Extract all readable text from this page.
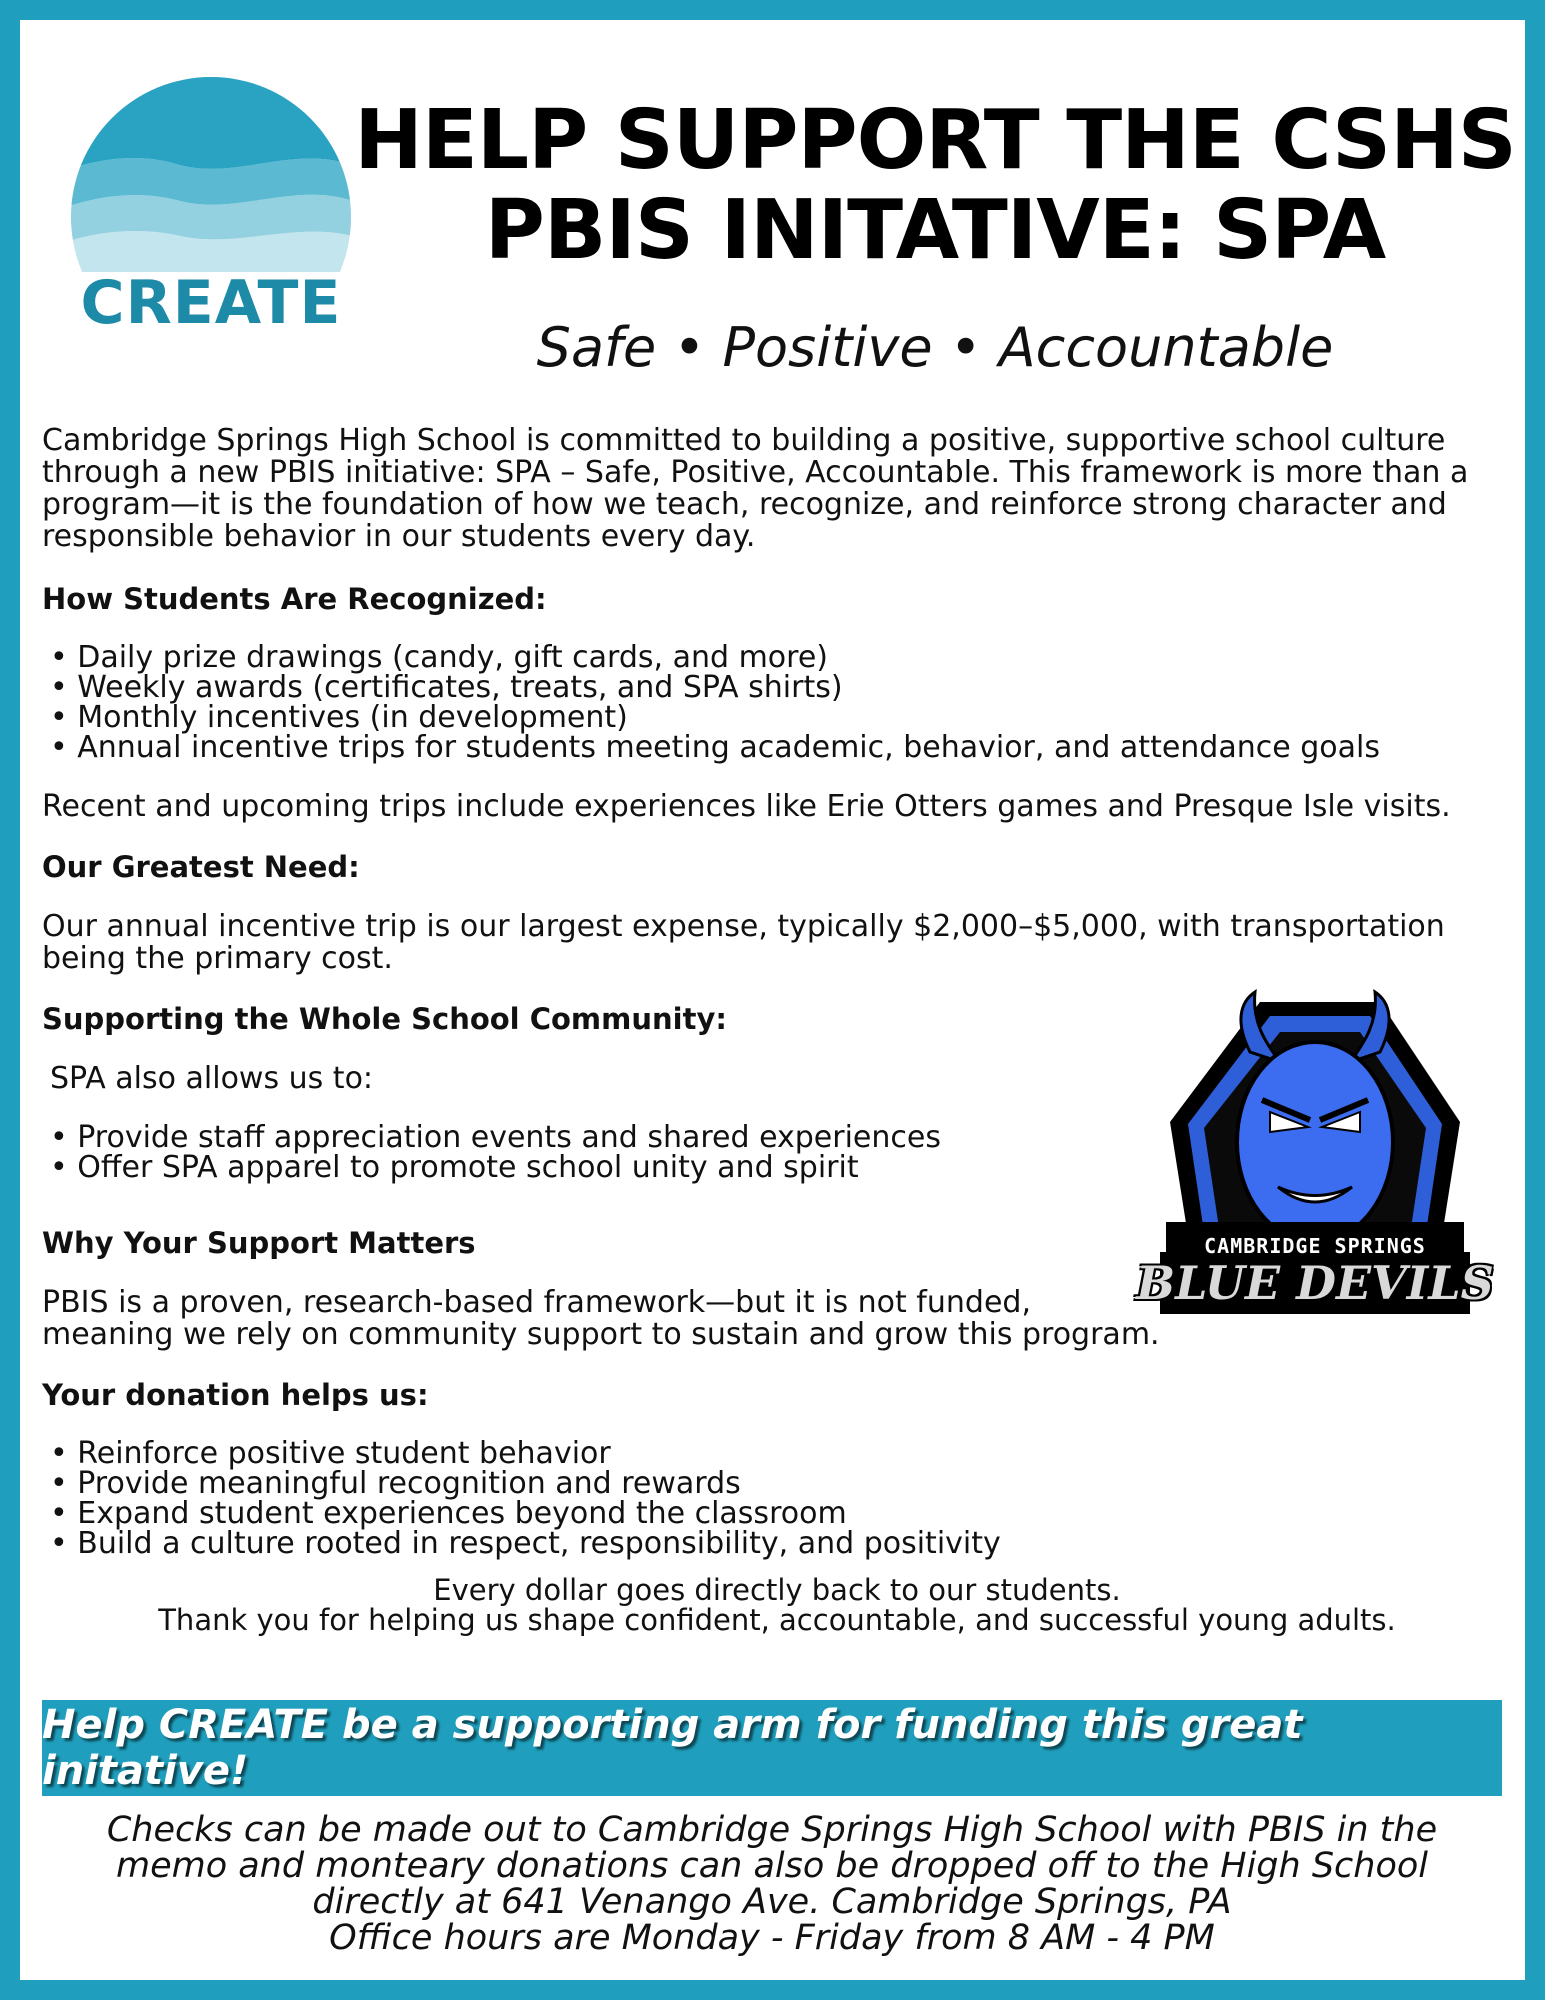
CREATE
HELP SUPPORT THE CSHS
PBIS INITATIVE: SPA
Safe • Positive • Accountable

Cambridge Springs High School is committed to building a positive, supportive school culture through a new PBIS initiative: SPA – Safe, Positive, Accountable. This framework is more than a program—it is the foundation of how we teach, recognize, and reinforce strong character and responsible behavior in our students every day.

How Students Are Recognized:

• Daily prize drawings (candy, gift cards, and more)
• Weekly awards (certificates, treats, and SPA shirts)
• Monthly incentives (in development)
• Annual incentive trips for students meeting academic, behavior, and attendance goals

Recent and upcoming trips include experiences like Erie Otters games and Presque Isle visits.

Our Greatest Need:

Our annual incentive trip is our largest expense, typically $2,000–$5,000, with transportation being the primary cost.

Supporting the Whole School Community:

SPA also allows us to:

• Provide staff appreciation events and shared experiences
• Offer SPA apparel to promote school unity and spirit

Why Your Support Matters

PBIS is a proven, research-based framework—but it is not funded,

meaning we rely on community support to sustain and grow this program.

Your donation helps us:

• Reinforce positive student behavior
• Provide meaningful recognition and rewards
• Expand student experiences beyond the classroom
• Build a culture rooted in respect, responsibility, and positivity

Every dollar goes directly back to our students.

Thank you for helping us shape confident, accountable, and successful young adults.

CAMBRIDGE SPRINGS
BLUE DEVILS
Help CREATE be a supporting arm for funding this great initative!

Checks can be made out to Cambridge Springs High School with PBIS in the

memo and monteary donations can also be dropped off to the High School

directly at 641 Venango Ave. Cambridge Springs, PA

Office hours are Monday - Friday from 8 AM - 4 PM
